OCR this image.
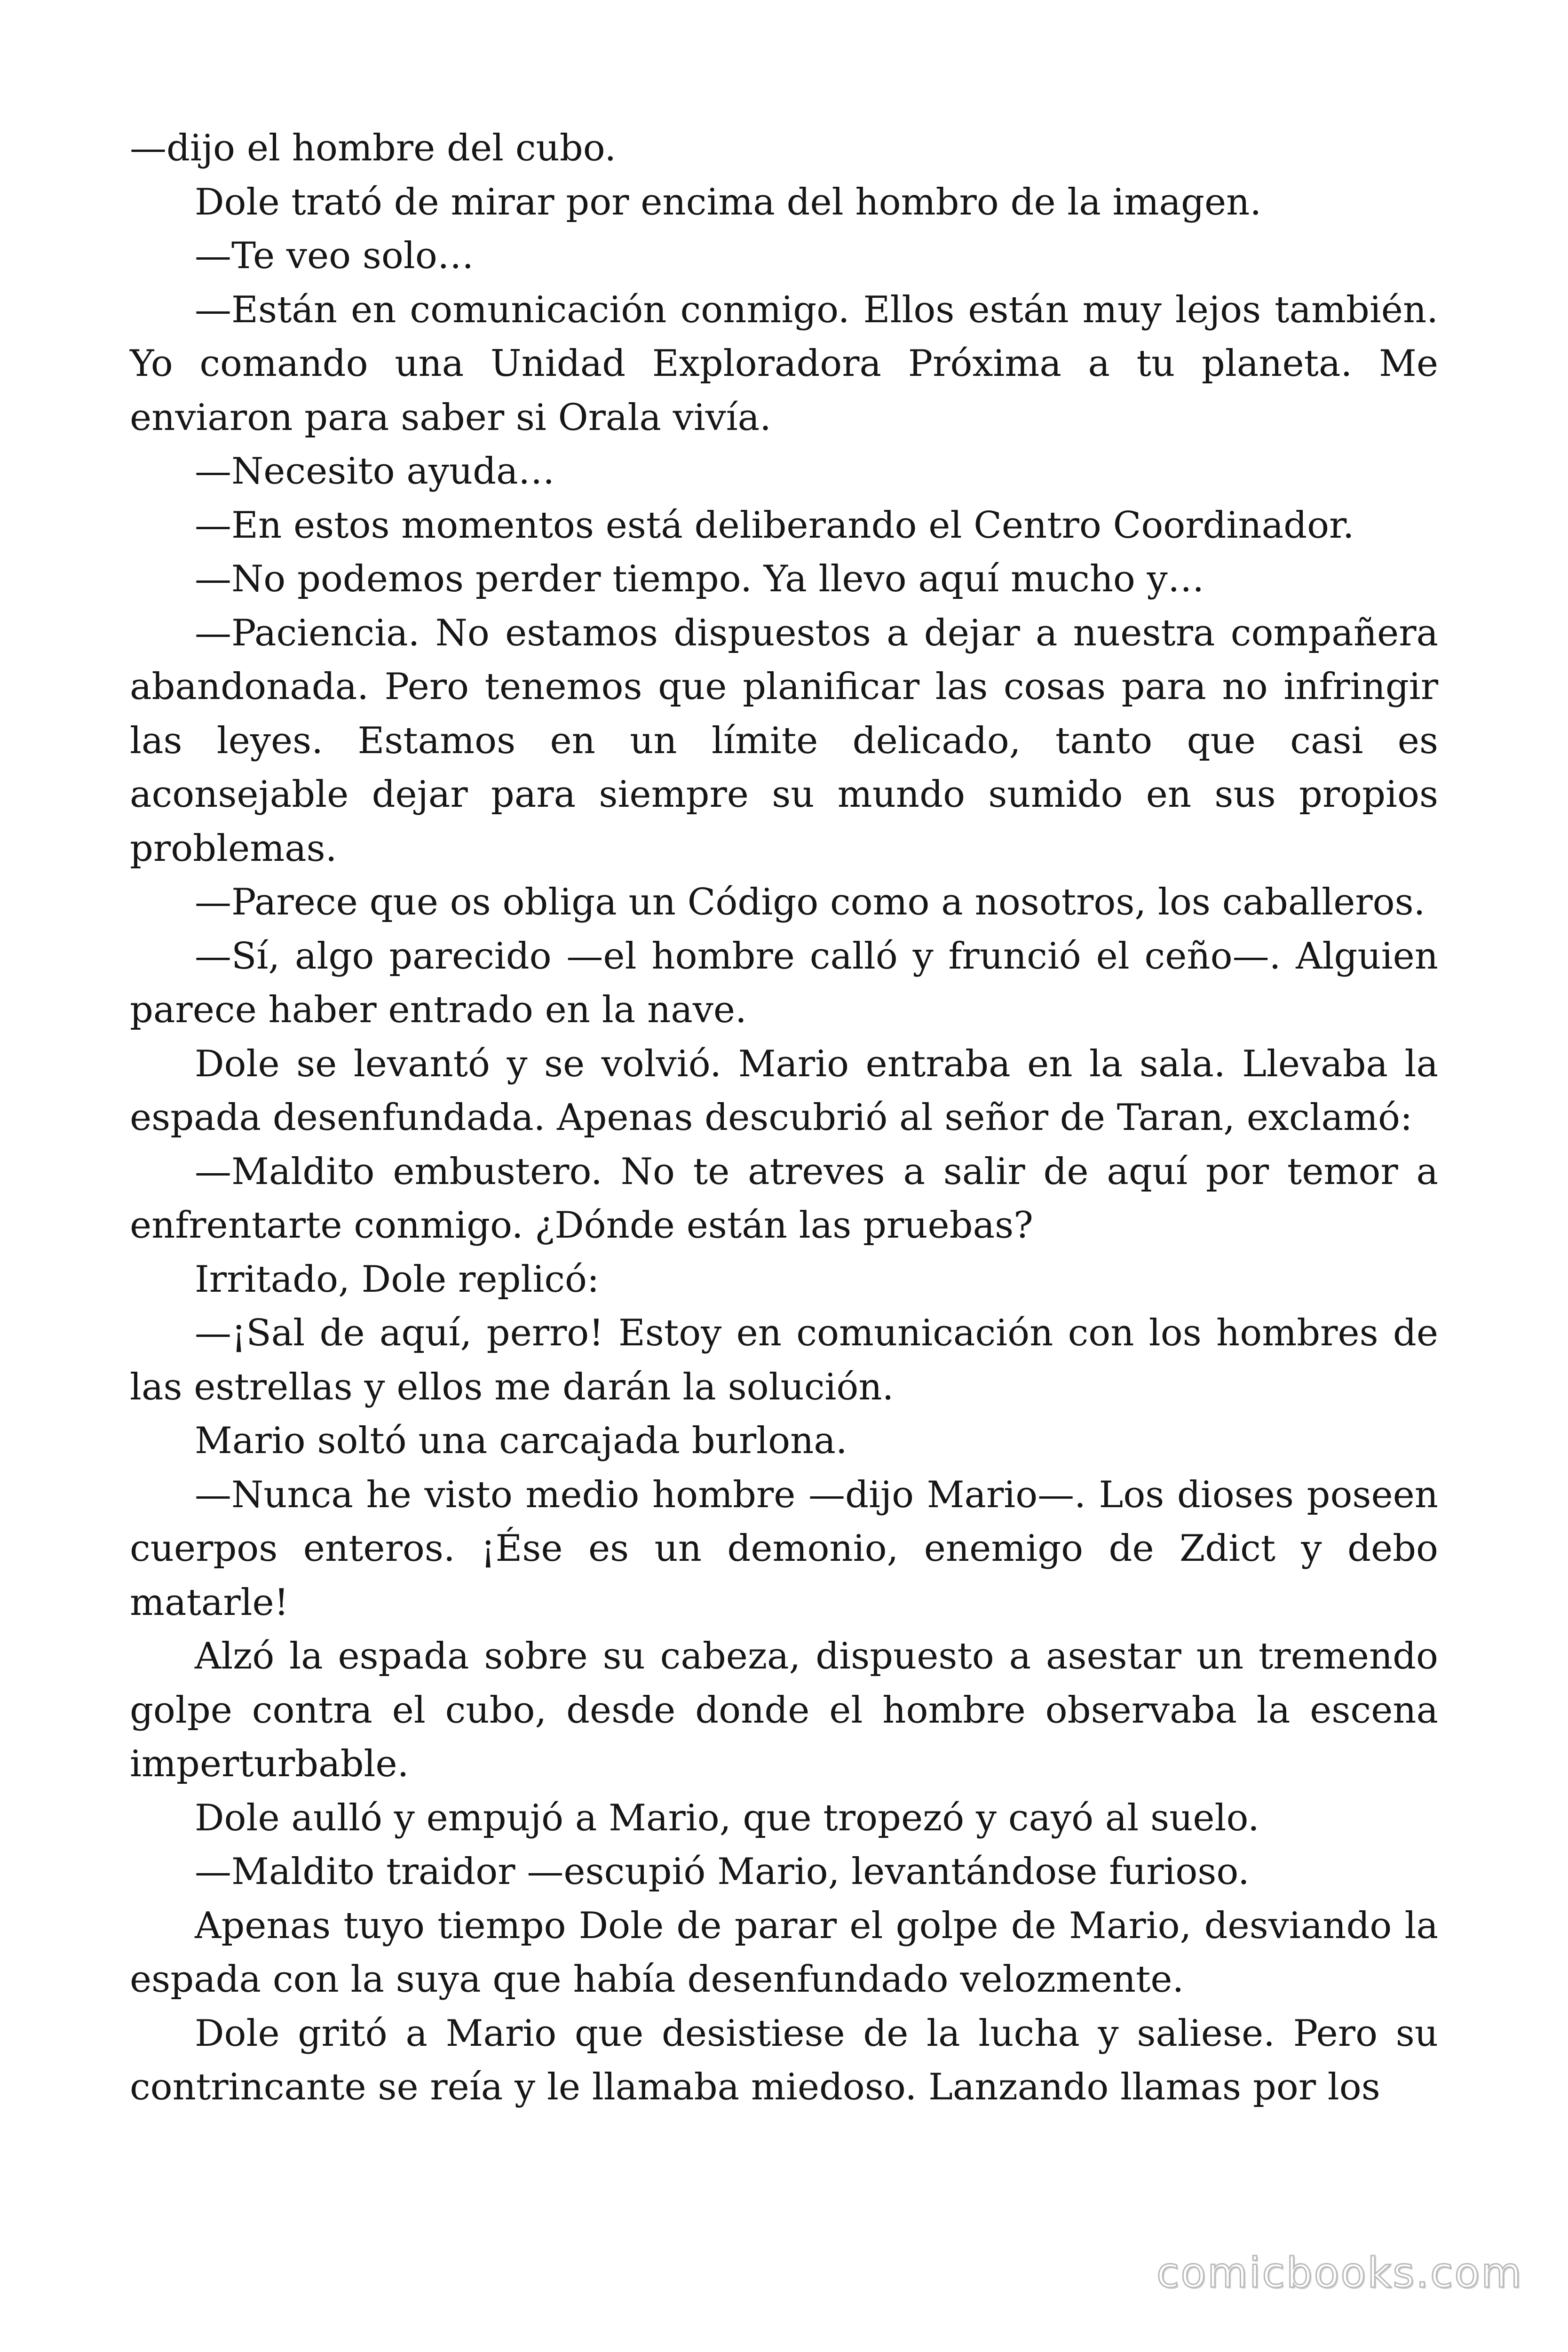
—dijo el hombre del cubo.

Dole trató de mirar por encima del hombro de la imagen.

—Te veo solo…

—Están en comunicación conmigo. Ellos están muy lejos también. Yo comando una Unidad Exploradora Próxima a tu planeta. Me enviaron para saber si Orala vivía.

—Necesito ayuda…

—En estos momentos está deliberando el Centro Coordinador.

—No podemos perder tiempo. Ya llevo aquí mucho y…

—Paciencia. No estamos dispuestos a dejar a nuestra compañera abandonada. Pero tenemos que planificar las cosas para no infringir las leyes. Estamos en un límite delicado, tanto que casi es aconsejable dejar para siempre su mundo sumido en sus propios problemas.

—Parece que os obliga un Código como a nosotros, los caballeros.

—Sí, algo parecido —el hombre calló y frunció el ceño—. Alguien parece haber entrado en la nave.

Dole se levantó y se volvió. Mario entraba en la sala. Llevaba la espada desenfundada. Apenas descubrió al señor de Taran, exclamó:

—Maldito embustero. No te atreves a salir de aquí por temor a enfrentarte conmigo. ¿Dónde están las pruebas?

Irritado, Dole replicó:

—¡Sal de aquí, perro! Estoy en comunicación con los hombres de las estrellas y ellos me darán la solución.

Mario soltó una carcajada burlona.

—Nunca he visto medio hombre —dijo Mario—. Los dioses poseen cuerpos enteros. ¡Ése es un demonio, enemigo de Zdict y debo matarle!

Alzó la espada sobre su cabeza, dispuesto a asestar un tremendo golpe contra el cubo, desde donde el hombre observaba la escena imperturbable.

Dole aulló y empujó a Mario, que tropezó y cayó al suelo.

—Maldito traidor —escupió Mario, levantándose furioso.

Apenas tuyo tiempo Dole de parar el golpe de Mario, desviando la espada con la suya que había desenfundado velozmente.

Dole gritó a Mario que desistiese de la lucha y saliese. Pero su contrincante se reía y le llamaba miedoso. Lanzando llamas por los

comicbooks.com
